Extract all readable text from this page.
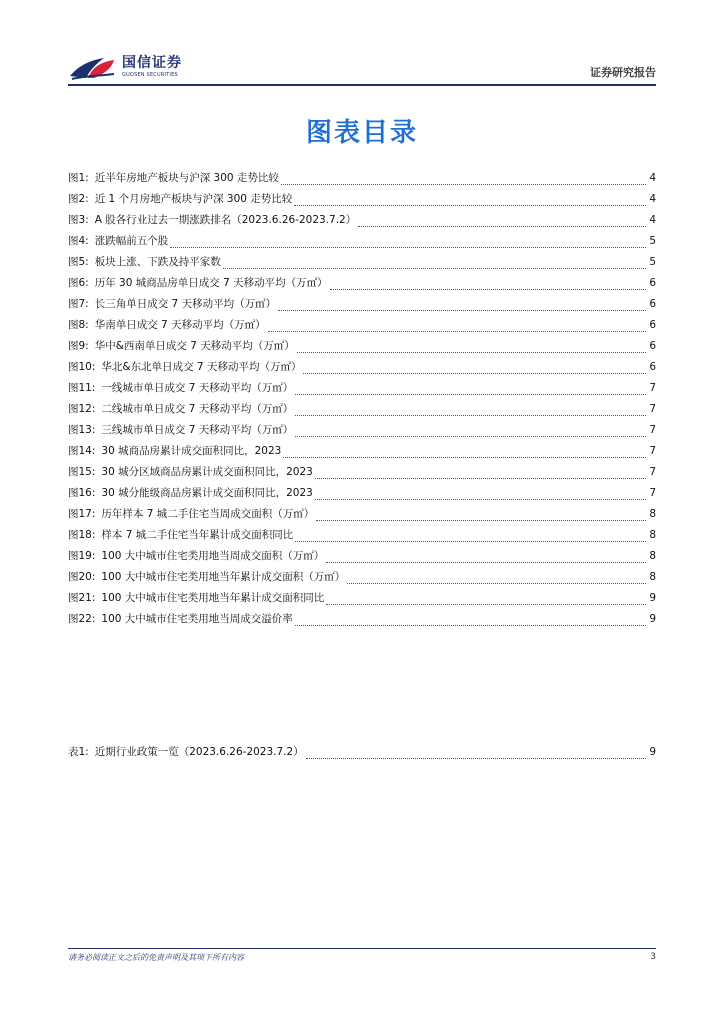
国信证券
GUOSEN SECURITIES	证券研究报告
图表目录
图1: 近半年房地产板块与沪深 300 走势比较	4
图2: 近 1 个月房地产板块与沪深 300 走势比较	4
图3: A 股各行业过去一期涨跌排名（2023.6.26-2023.7.2）	4
图4: 涨跌幅前五个股	5
图5: 板块上涨、下跌及持平家数	5
图6: 历年 30 城商品房单日成交 7 天移动平均（万㎡）	6
图7: 长三角单日成交 7 天移动平均（万㎡）	6
图8: 华南单日成交 7 天移动平均（万㎡）	6
图9: 华中&西南单日成交 7 天移动平均（万㎡）	6
图10: 华北&东北单日成交 7 天移动平均（万㎡）	6
图11: 一线城市单日成交 7 天移动平均（万㎡）	7
图12: 二线城市单日成交 7 天移动平均（万㎡）	7
图13: 三线城市单日成交 7 天移动平均（万㎡）	7
图14: 30 城商品房累计成交面积同比，2023	7
图15: 30 城分区域商品房累计成交面积同比，2023	7
图16: 30 城分能级商品房累计成交面积同比，2023	7
图17: 历年样本 7 城二手住宅当周成交面积（万㎡）	8
图18: 样本 7 城二手住宅当年累计成交面积同比	8
图19: 100 大中城市住宅类用地当周成交面积（万㎡）	8
图20: 100 大中城市住宅类用地当年累计成交面积（万㎡）	8
图21: 100 大中城市住宅类用地当年累计成交面积同比	9
图22: 100 大中城市住宅类用地当周成交溢价率	9
表1: 近期行业政策一览（2023.6.26-2023.7.2）	9
请务必阅读正文之后的免责声明及其项下所有内容	3
